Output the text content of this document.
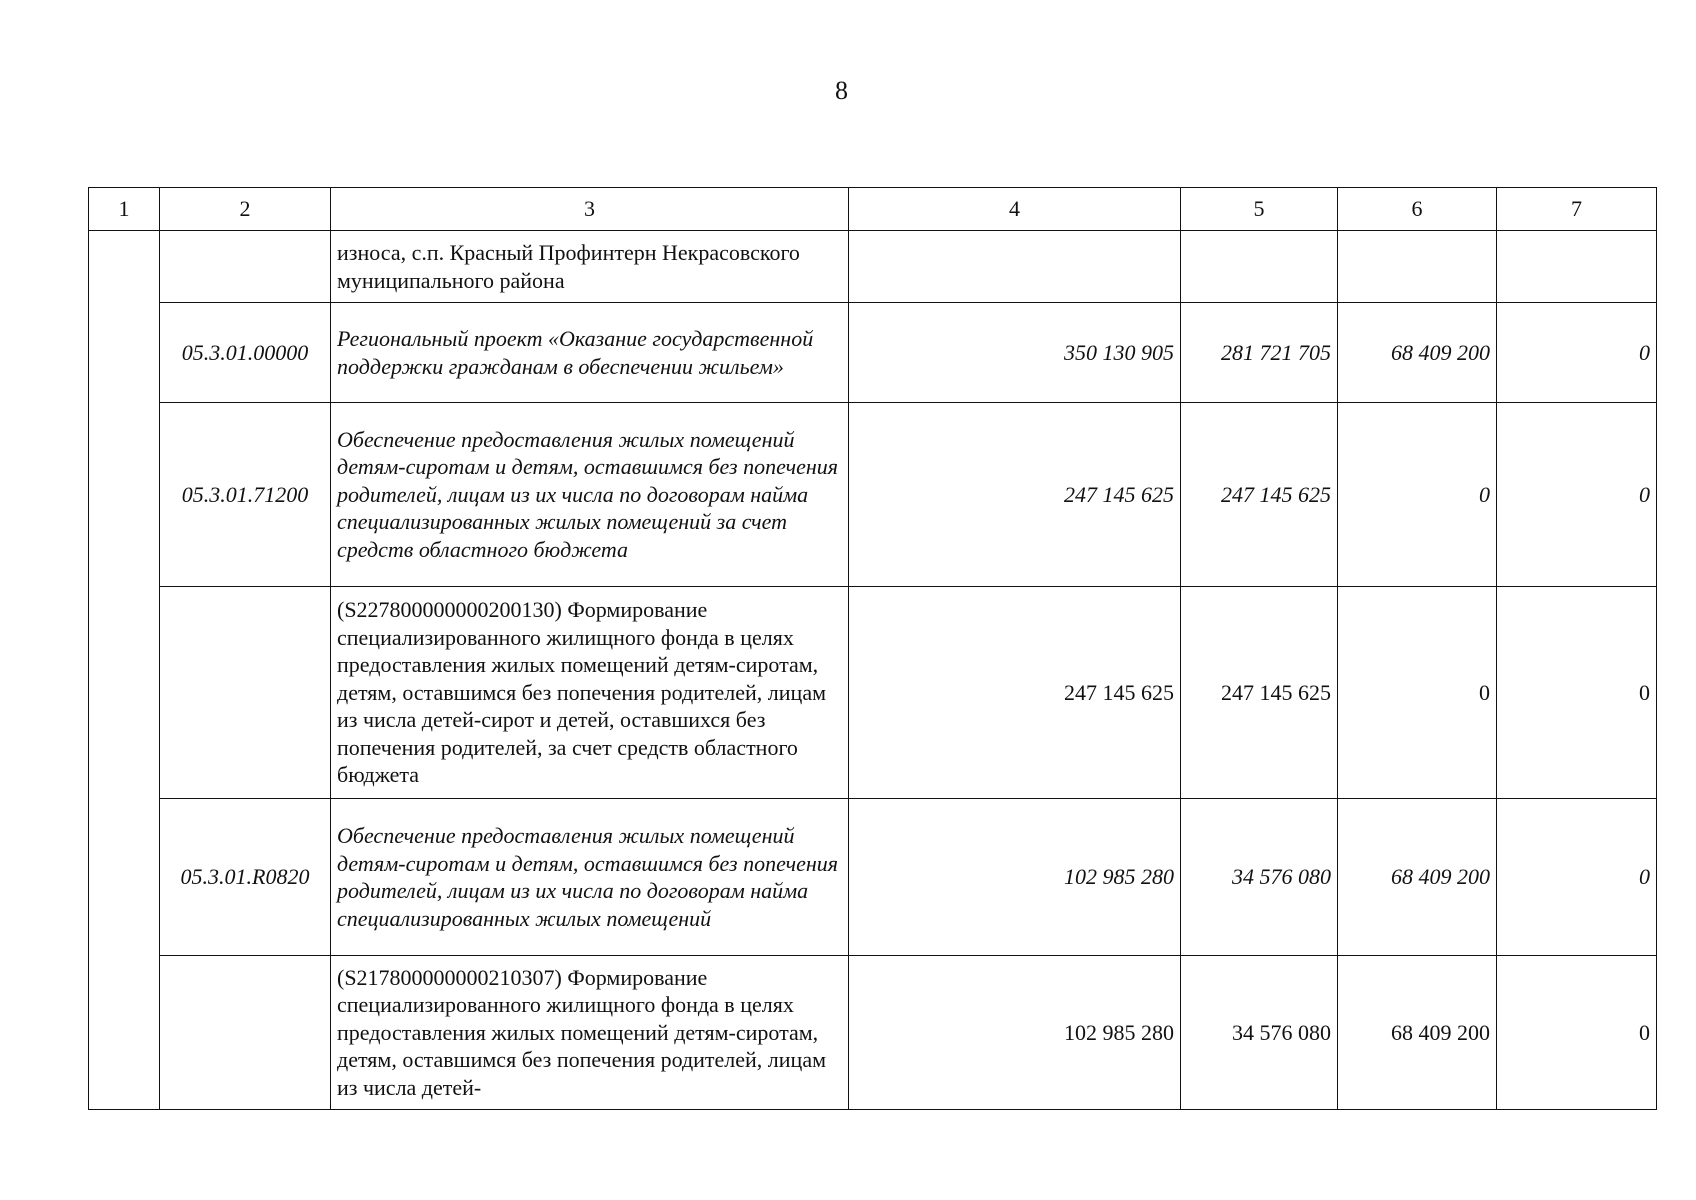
8
1	2	3	4	5	6	7
		износа, с.п. Красный Профинтерн Некрасовского муниципального района				
	05.3.01.00000	Региональный проект «Оказание государственной поддержки гражданам в обеспечении жильем»	350 130 905	281 721 705	68 409 200	0
	05.3.01.71200	Обеспечение предоставления жилых помещений детям-сиротам и детям, оставшимся без попечения родителей, лицам из их числа по договорам найма специализированных жилых помещений за счет средств областного бюджета	247 145 625	247 145 625	0	0
		(S227800000000200130) Формирование специализированного жилищного фонда в целях предоставления жилых помещений детям-сиротам, детям, оставшимся без попечения родителей, лицам из числа детей-сирот и детей, оставшихся без попечения родителей, за счет средств областного бюджета	247 145 625	247 145 625	0	0
	05.3.01.R0820	Обеспечение предоставления жилых помещений детям-сиротам и детям, оставшимся без попечения родителей, лицам из их числа по договорам найма специализированных жилых помещений	102 985 280	34 576 080	68 409 200	0
		(S217800000000210307) Формирование специализированного жилищного фонда в целях предоставления жилых помещений детям-сиротам, детям, оставшимся без попечения родителей, лицам из числа детей-	102 985 280	34 576 080	68 409 200	0
